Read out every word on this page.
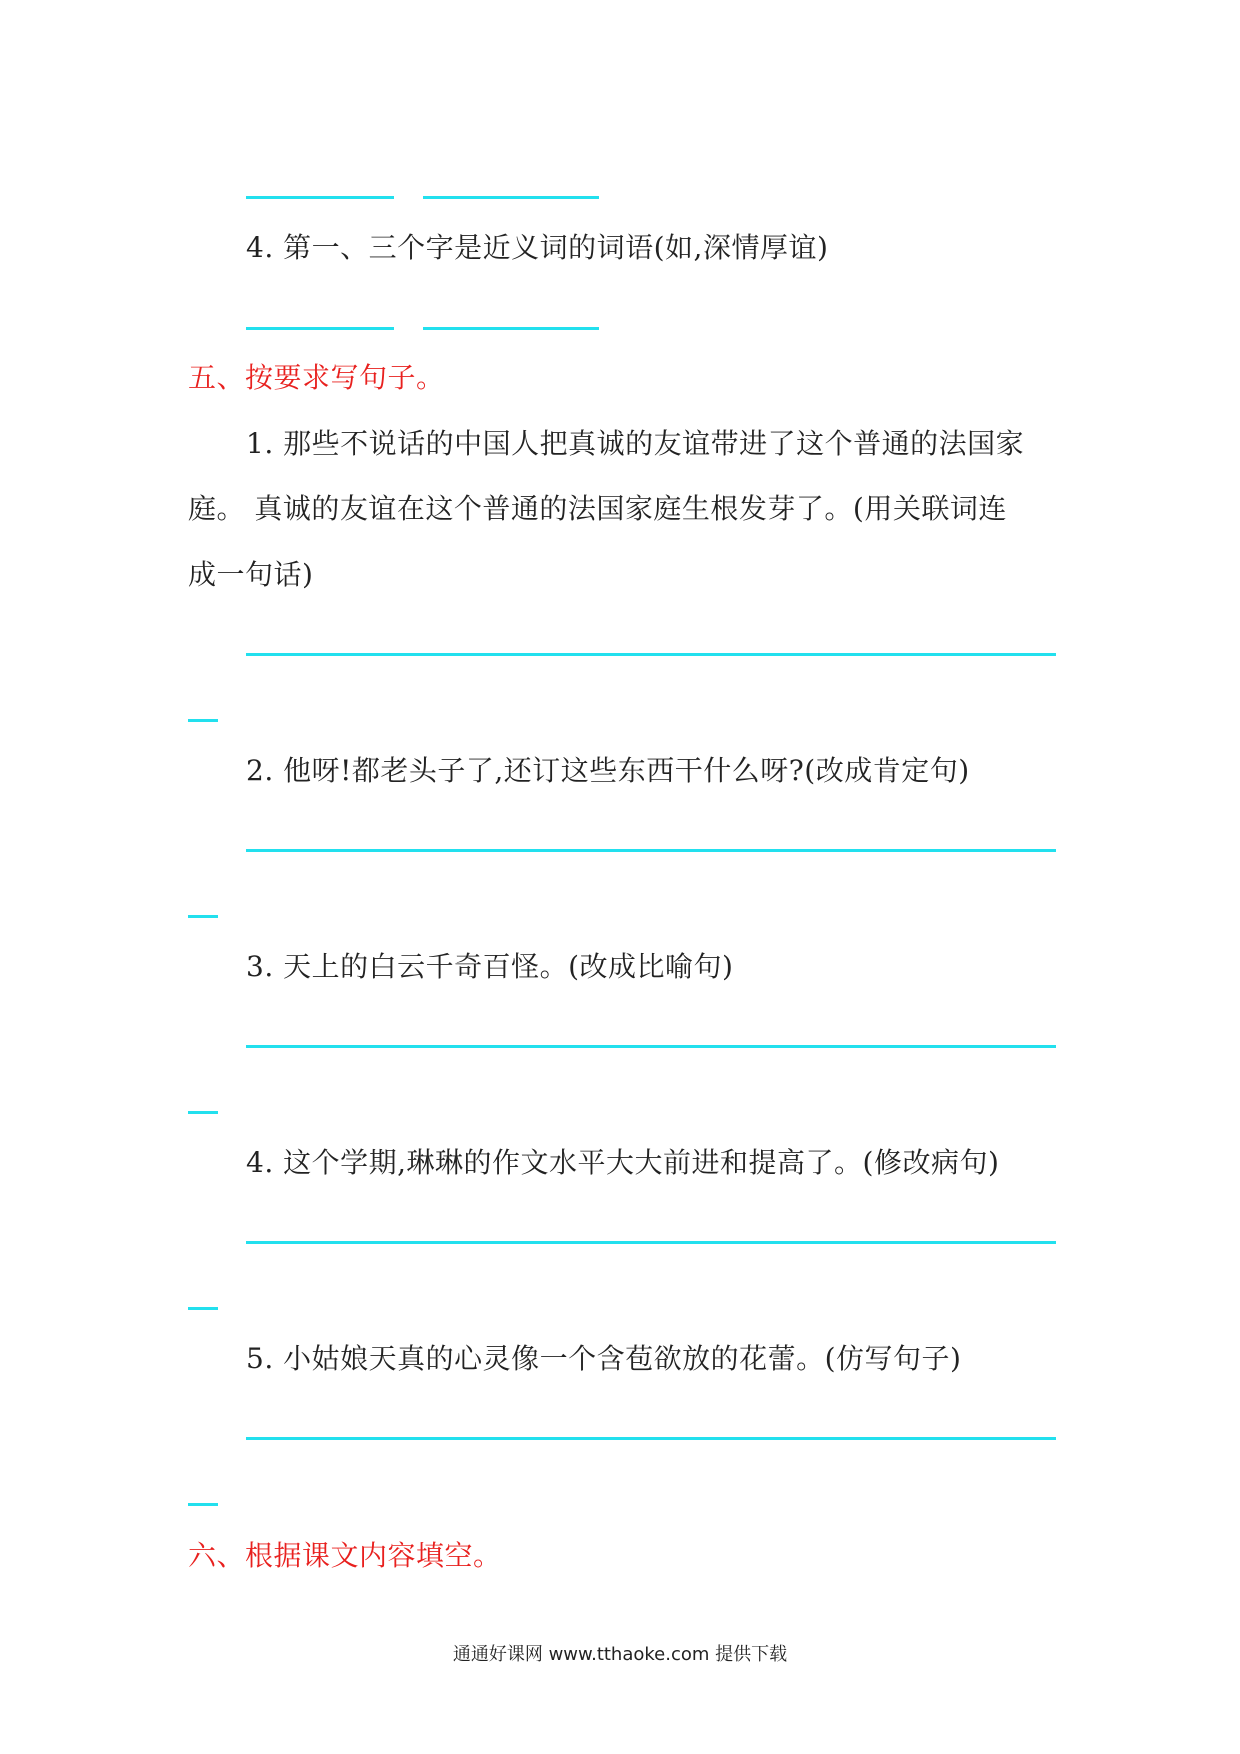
4. 第一、三个字是近义词的词语(如,深情厚谊)
五、按要求写句子。
1. 那些不说话的中国人把真诚的友谊带进了这个普通的法国家
庭。 真诚的友谊在这个普通的法国家庭生根发芽了。(用关联词连
成一句话)
2. 他呀!都老头子了,还订这些东西干什么呀?(改成肯定句)
3. 天上的白云千奇百怪。(改成比喻句)
4. 这个学期,琳琳的作文水平大大前进和提高了。(修改病句)
5. 小姑娘天真的心灵像一个含苞欲放的花蕾。(仿写句子)
六、根据课文内容填空。
通通好课网 www.tthaoke.com 提供下载
